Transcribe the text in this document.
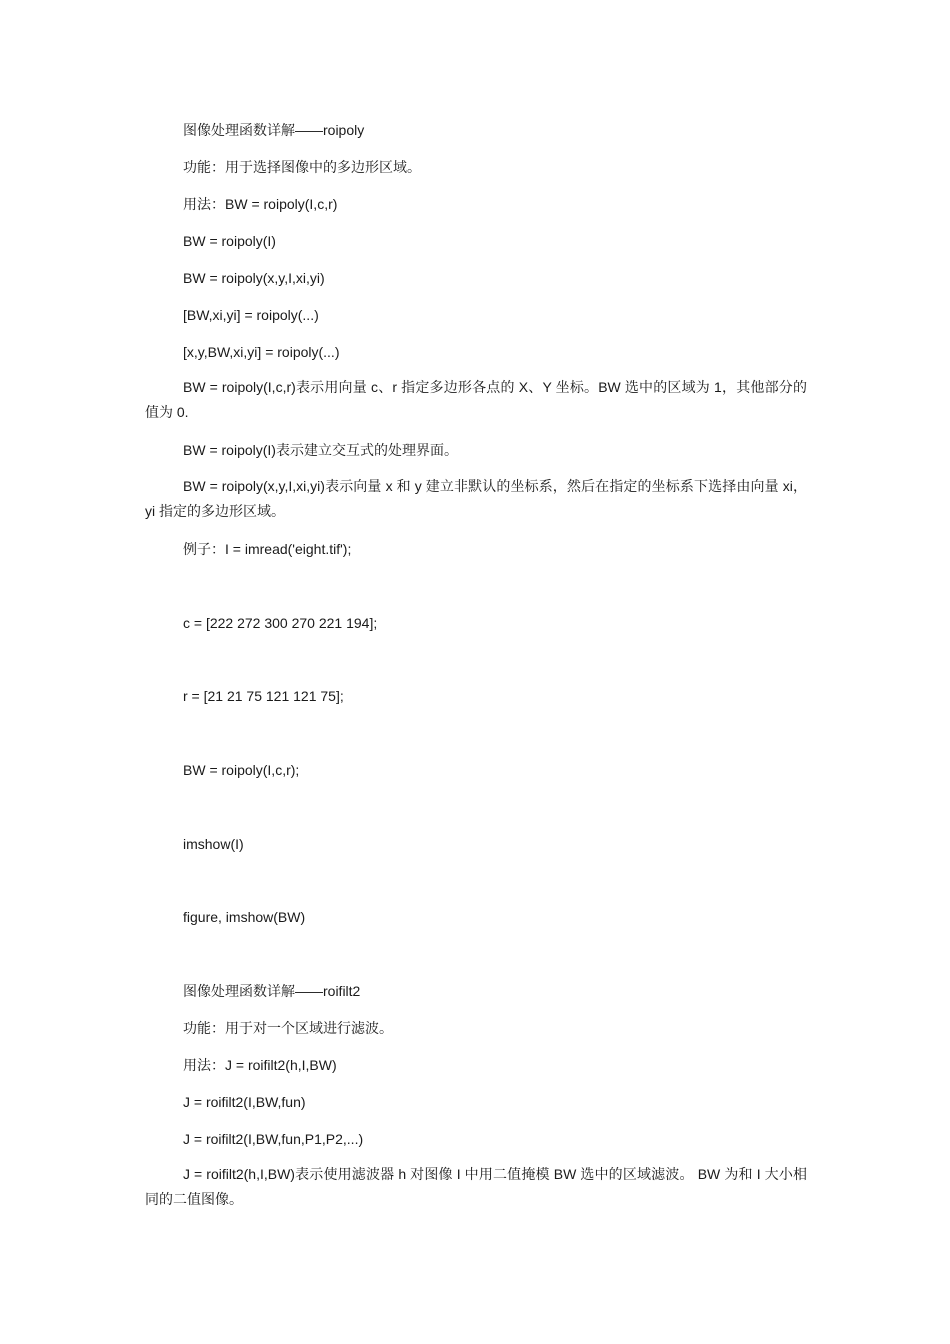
图像处理函数详解——roipoly
功能：用于选择图像中的多边形区域。
用法：BW = roipoly(I,c,r)
BW = roipoly(I)
BW = roipoly(x,y,I,xi,yi)
[BW,xi,yi] = roipoly(...)
[x,y,BW,xi,yi] = roipoly(...)
BW = roipoly(I,c,r)表示用向量 c、r 指定多边形各点的 X、Y 坐标。BW 选中的区域为 1，其他部分的值为 0.
BW = roipoly(I)表示建立交互式的处理界面。
BW = roipoly(x,y,I,xi,yi)表示向量 x 和 y 建立非默认的坐标系，然后在指定的坐标系下选择由向量 xi，yi 指定的多边形区域。
例子：I = imread('eight.tif');
c = [222 272 300 270 221 194];
r = [21 21 75 121 121 75];
BW = roipoly(I,c,r);
imshow(I)
figure, imshow(BW)
图像处理函数详解——roifilt2
功能：用于对一个区域进行滤波。
用法：J = roifilt2(h,I,BW)
J = roifilt2(I,BW,fun)
J = roifilt2(I,BW,fun,P1,P2,...)
J = roifilt2(h,I,BW)表示使用滤波器 h 对图像 I 中用二值掩模 BW 选中的区域滤波。 BW 为和 I 大小相同的二值图像。
